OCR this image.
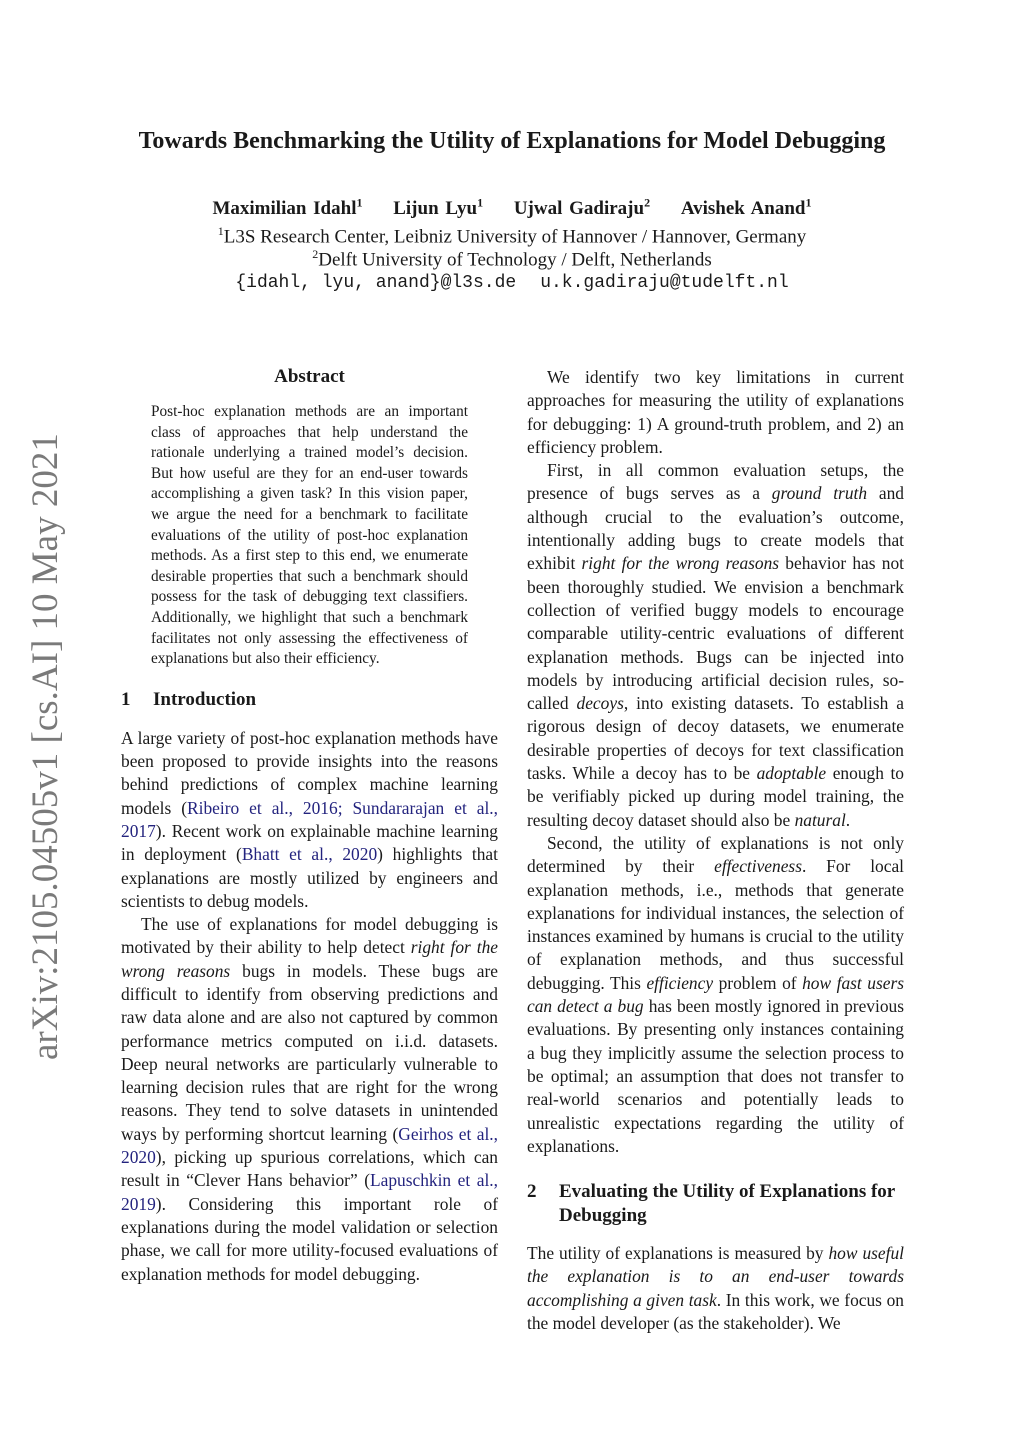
arXiv:2105.04505v1 [cs.AI] 10 May 2021
Towards Benchmarking the Utility of Explanations for Model Debugging
Maximilian Idahl$^1$ Lijun Lyu$^1$ Ujwal Gadiraju$^2$ Avishek Anand$^1$
$^1$L3S Research Center, Leibniz University of Hannover / Hannover, Germany
$^2$Delft University of Technology / Delft, Netherlands
{idahl, lyu, anand}@l3s.de u.k.gadiraju@tudelft.nl
Abstract
Post-hoc explanation methods are an important class of approaches that help understand the rationale underlying a trained model’s decision. But how useful are they for an end-user towards accomplishing a given task? In this vision paper, we argue the need for a benchmark to facilitate evaluations of the utility of post-hoc explanation methods. As a first step to this end, we enumerate desirable properties that such a benchmark should possess for the task of debugging text classifiers. Additionally, we highlight that such a benchmark facilitates not only assessing the effectiveness of explanations but also their efficiency.
1	Introduction

A large variety of post-hoc explanation methods have been proposed to provide insights into the reasons behind predictions of complex machine learning models (Ribeiro et al., 2016; Sundararajan et al., 2017). Recent work on explainable machine learning in deployment (Bhatt et al., 2020) highlights that explanations are mostly utilized by engineers and scientists to debug models.

The use of explanations for model debugging is motivated by their ability to help detect right for the wrong reasons bugs in models. These bugs are difficult to identify from observing predictions and raw data alone and are also not captured by common performance metrics computed on i.i.d. datasets. Deep neural networks are particularly vulnerable to learning decision rules that are right for the wrong reasons. They tend to solve datasets in unintended ways by performing shortcut learning (Geirhos et al., 2020), picking up spurious correlations, which can result in “Clever Hans behavior” (Lapuschkin et al., 2019). Considering this important role of explanations during the model validation or selection phase, we call for more utility-focused evaluations of explanation methods for model debugging.

We identify two key limitations in current approaches for measuring the utility of explanations for debugging: 1) A ground-truth problem, and 2) an efficiency problem.

First, in all common evaluation setups, the presence of bugs serves as a ground truth and although crucial to the evaluation’s outcome, intentionally adding bugs to create models that exhibit right for the wrong reasons behavior has not been thoroughly studied. We envision a benchmark collection of verified buggy models to encourage comparable utility-centric evaluations of different explanation methods. Bugs can be injected into models by introducing artificial decision rules, so-called decoys, into existing datasets. To establish a rigorous design of decoy datasets, we enumerate desirable properties of decoys for text classification tasks. While a decoy has to be adoptable enough to be verifiably picked up during model training, the resulting decoy dataset should also be natural.

Second, the utility of explanations is not only determined by their effectiveness. For local explanation methods, i.e., methods that generate explanations for individual instances, the selection of instances examined by humans is crucial to the utility of explanation methods, and thus successful debugging. This efficiency problem of how fast users can detect a bug has been mostly ignored in previous evaluations. By presenting only instances containing a bug they implicitly assume the selection process to be optimal; an assumption that does not transfer to real-world scenarios and potentially leads to unrealistic expectations regarding the utility of explanations.

2	Evaluating the Utility of Explanations for Debugging

The utility of explanations is measured by how useful the explanation is to an end-user towards accomplishing a given task. In this work, we focus on the model developer (as the stakeholder). We
